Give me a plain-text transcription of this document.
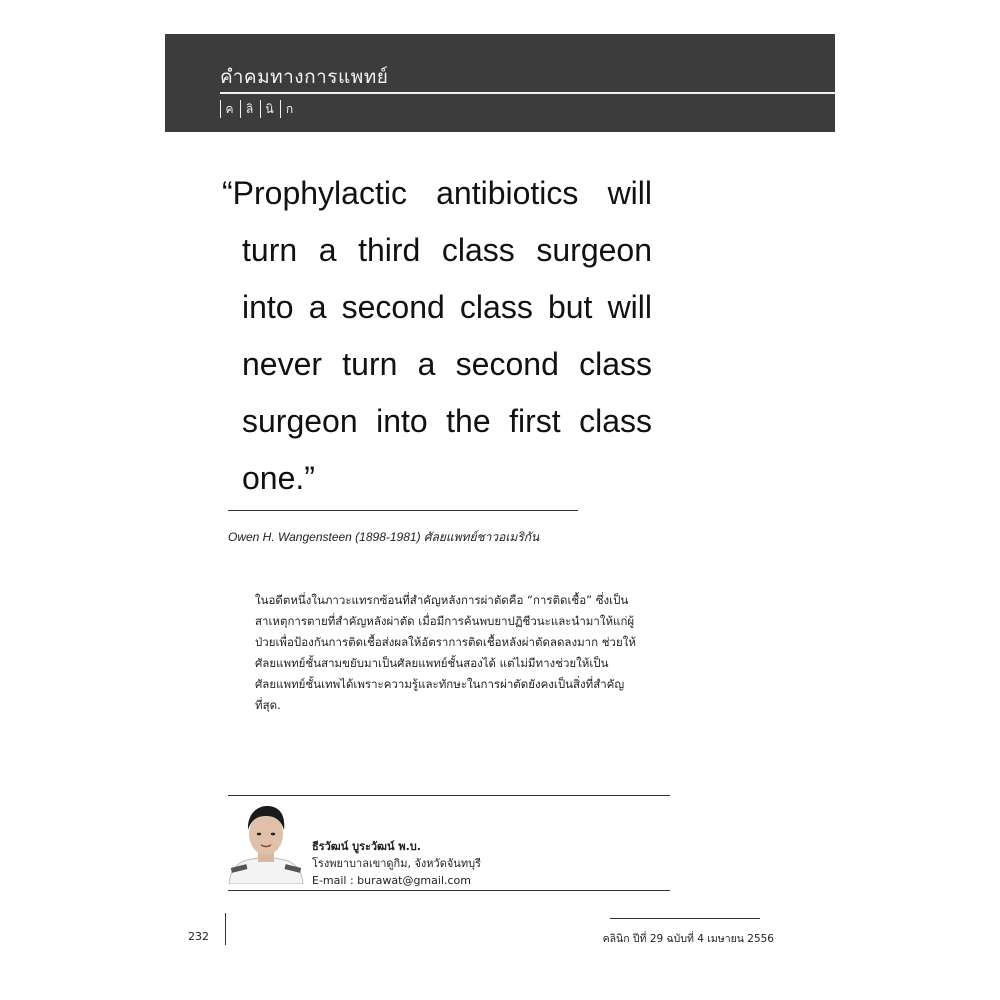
คำคมทางการแพทย์
ค	ลิ	นิ	ก
“Prophylactic antibiotics will
turn a third class surgeon
into a second class but will
never turn a second class
surgeon into the first class
one.”
Owen H. Wangensteen (1898-1981) ศัลยแพทย์ชาวอเมริกัน
ในอดีตหนึ่งในภาวะแทรกซ้อนที่สำคัญหลังการผ่าตัดคือ “การติดเชื้อ” ซึ่งเป็นสาเหตุการตายที่สำคัญหลังผ่าตัด เมื่อมีการค้นพบยาปฏิชีวนะและนำมาให้แก่ผู้ป่วยเพื่อป้องกันการติดเชื้อส่งผลให้อัตราการติดเชื้อหลังผ่าตัดลดลงมาก ช่วยให้ศัลยแพทย์ชั้นสามขยับมาเป็นศัลยแพทย์ชั้นสองได้ แต่ไม่มีทางช่วยให้เป็นศัลยแพทย์ชั้นเทพได้เพราะความรู้และทักษะในการผ่าตัดยังคงเป็นสิ่งที่สำคัญที่สุด.
ธีรวัฒน์ บูระวัฒน์ พ.บ.
โรงพยาบาลเขาดูกิม, จังหวัดจันทบุรี
E-mail : burawat@gmail.com
232	คลินิก ปีที่ 29 ฉบับที่ 4 เมษายน 2556
